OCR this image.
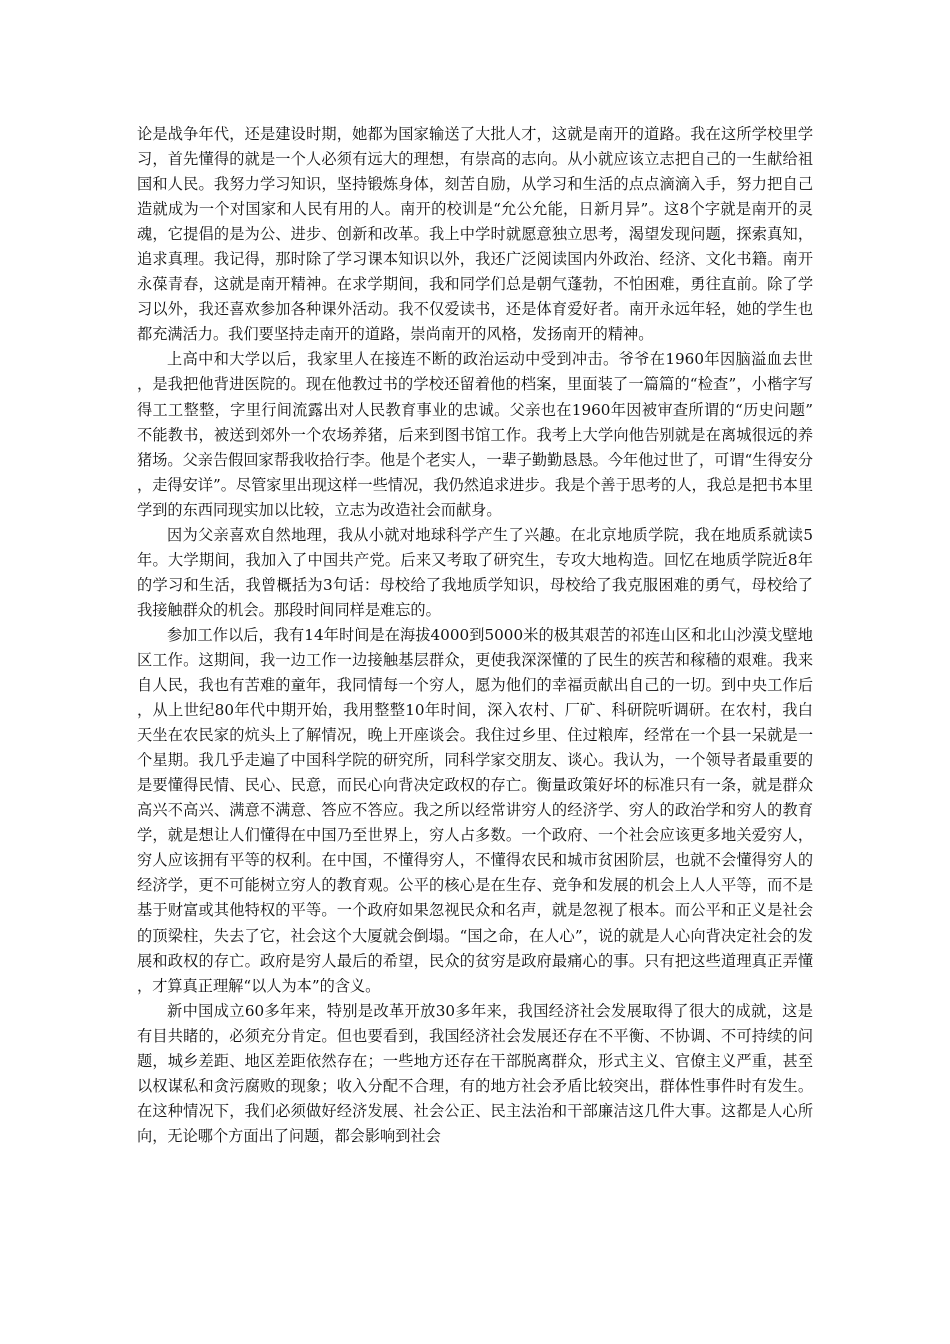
论是战争年代，还是建设时期，她都为国家输送了大批人才，这就是南开的道路。我在这所学校里学习，首先懂得的就是一个人必须有远大的理想，有崇高的志向。从小就应该立志把自己的一生献给祖国和人民。我努力学习知识，坚持锻炼身体，刻苦自励，从学习和生活的点点滴滴入手，努力把自己造就成为一个对国家和人民有用的人。南开的校训是“允公允能，日新月异”。这8个字就是南开的灵魂，它提倡的是为公、进步、创新和改革。我上中学时就愿意独立思考，渴望发现问题，探索真知，追求真理。我记得，那时除了学习课本知识以外，我还广泛阅读国内外政治、经济、文化书籍。南开永葆青春，这就是南开精神。在求学期间，我和同学们总是朝气蓬勃，不怕困难，勇往直前。除了学习以外，我还喜欢参加各种课外活动。我不仅爱读书，还是体育爱好者。南开永远年轻，她的学生也都充满活力。我们要坚持走南开的道路，崇尚南开的风格，发扬南开的精神。

上高中和大学以后，我家里人在接连不断的政治运动中受到冲击。爷爷在1960年因脑溢血去世，是我把他背进医院的。现在他教过书的学校还留着他的档案，里面装了一篇篇的“检查”，小楷字写得工工整整，字里行间流露出对人民教育事业的忠诚。父亲也在1960年因被审查所谓的“历史问题”不能教书，被送到郊外一个农场养猪，后来到图书馆工作。我考上大学向他告别就是在离城很远的养猪场。父亲告假回家帮我收拾行李。他是个老实人，一辈子勤勤恳恳。今年他过世了，可谓“生得安分，走得安详”。尽管家里出现这样一些情况，我仍然追求进步。我是个善于思考的人，我总是把书本里学到的东西同现实加以比较，立志为改造社会而献身。

因为父亲喜欢自然地理，我从小就对地球科学产生了兴趣。在北京地质学院，我在地质系就读5年。大学期间，我加入了中国共产党。后来又考取了研究生，专攻大地构造。回忆在地质学院近8年的学习和生活，我曾概括为3句话：母校给了我地质学知识，母校给了我克服困难的勇气，母校给了我接触群众的机会。那段时间同样是难忘的。

参加工作以后，我有14年时间是在海拔4000到5000米的极其艰苦的祁连山区和北山沙漠戈壁地区工作。这期间，我一边工作一边接触基层群众，更使我深深懂的了民生的疾苦和稼穑的艰难。我来自人民，我也有苦难的童年，我同情每一个穷人，愿为他们的幸福贡献出自己的一切。到中央工作后，从上世纪80年代中期开始，我用整整10年时间，深入农村、厂矿、科研院听调研。在农村，我白天坐在农民家的炕头上了解情况，晚上开座谈会。我住过乡里、住过粮库，经常在一个县一呆就是一个星期。我几乎走遍了中国科学院的研究所，同科学家交朋友、谈心。我认为，一个领导者最重要的是要懂得民情、民心、民意，而民心向背决定政权的存亡。衡量政策好坏的标准只有一条，就是群众高兴不高兴、满意不满意、答应不答应。我之所以经常讲穷人的经济学、穷人的政治学和穷人的教育学，就是想让人们懂得在中国乃至世界上，穷人占多数。一个政府、一个社会应该更多地关爱穷人，穷人应该拥有平等的权利。在中国，不懂得穷人，不懂得农民和城市贫困阶层，也就不会懂得穷人的经济学，更不可能树立穷人的教育观。公平的核心是在生存、竞争和发展的机会上人人平等，而不是基于财富或其他特权的平等。一个政府如果忽视民众和名声，就是忽视了根本。而公平和正义是社会的顶梁柱，失去了它，社会这个大厦就会倒塌。“国之命，在人心”，说的就是人心向背决定社会的发展和政权的存亡。政府是穷人最后的希望，民众的贫穷是政府最痛心的事。只有把这些道理真正弄懂，才算真正理解“以人为本”的含义。

新中国成立60多年来，特别是改革开放30多年来，我国经济社会发展取得了很大的成就，这是有目共睹的，必须充分肯定。但也要看到，我国经济社会发展还存在不平衡、不协调、不可持续的问题，城乡差距、地区差距依然存在；一些地方还存在干部脱离群众，形式主义、官僚主义严重，甚至以权谋私和贪污腐败的现象；收入分配不合理，有的地方社会矛盾比较突出，群体性事件时有发生。在这种情况下，我们必须做好经济发展、社会公正、民主法治和干部廉洁这几件大事。这都是人心所向，无论哪个方面出了问题，都会影响到社会
